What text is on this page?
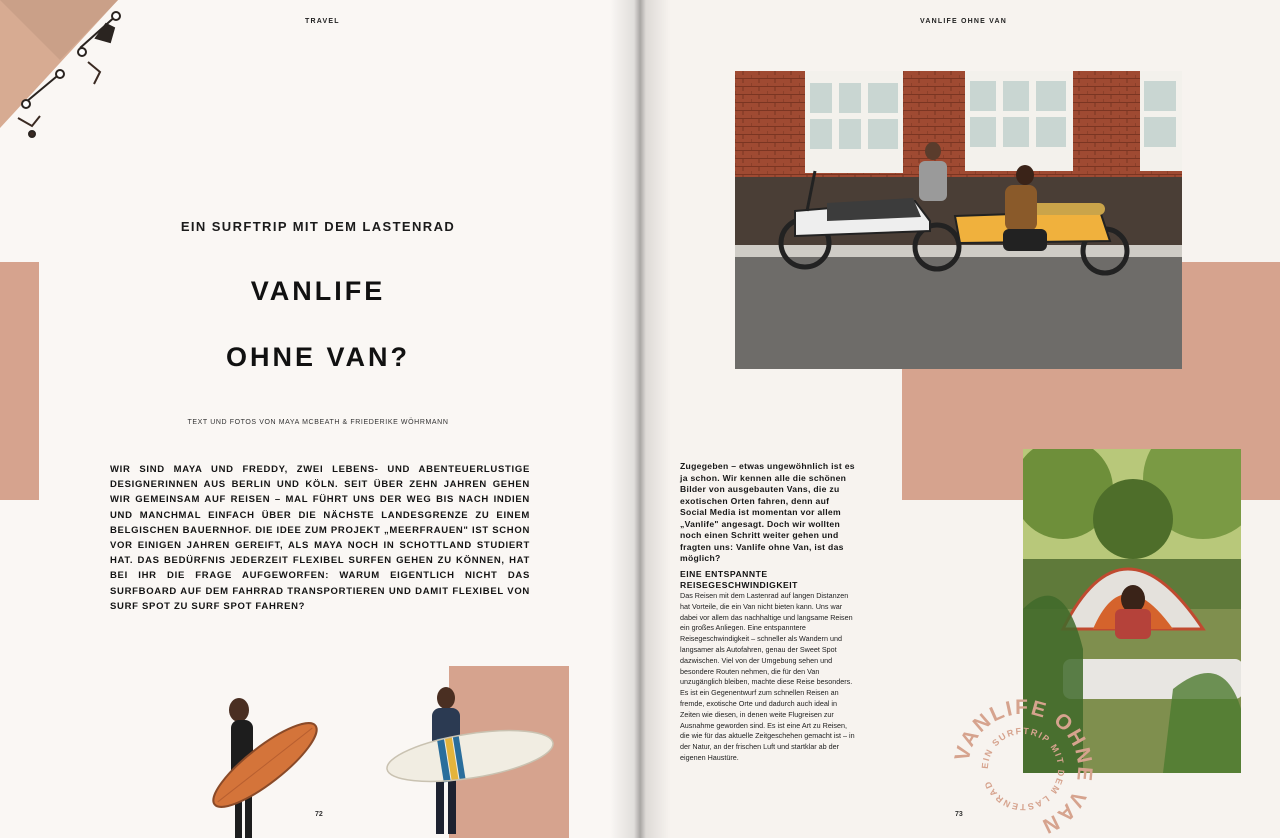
TRAVEL
EIN SURFTRIP MIT DEM LASTENRAD
VANLIFE
OHNE VAN?
TEXT UND FOTOS VON MAYA MCBEATH & FRIEDERIKE WÖHRMANN
WIR SIND MAYA UND FREDDY, ZWEI LEBENS- UND ABENTEUERLUSTIGE DESIGNERINNEN AUS BERLIN UND KÖLN. SEIT ÜBER ZEHN JAHREN GEHEN WIR GEMEINSAM AUF REISEN – MAL FÜHRT UNS DER WEG BIS NACH INDIEN UND MANCHMAL EINFACH ÜBER DIE NÄCHSTE LANDESGRENZE ZU EINEM BELGISCHEN BAUERNHOF. DIE IDEE ZUM PROJEKT „MEERFRAUEN" IST SCHON VOR EINIGEN JAHREN GEREIFT, ALS MAYA NOCH IN SCHOTTLAND STUDIERT HAT. DAS BEDÜRFNIS JEDERZEIT FLEXIBEL SURFEN GEHEN ZU KÖNNEN, HAT BEI IHR DIE FRAGE AUFGEWORFEN: WARUM EIGENTLICH NICHT DAS SURFBOARD AUF DEM FAHRRAD TRANSPORTIEREN UND DAMIT FLEXIBEL VON SURF SPOT ZU SURF SPOT FAHREN?
72
VANLIFE OHNE VAN
Zugegeben – etwas ungewöhnlich ist es ja schon. Wir kennen alle die schönen Bilder von ausgebauten Vans, die zu exotischen Orten fahren, denn auf Social Media ist momentan vor allem „Vanlife" angesagt. Doch wir wollten noch einen Schritt weiter gehen und fragten uns: Vanlife ohne Van, ist das möglich?
EINE ENTSPANNTE REISEGESCHWINDIGKEIT
Das Reisen mit dem Lastenrad auf langen Distanzen hat Vorteile, die ein Van nicht bieten kann. Uns war dabei vor allem das nachhaltige und langsame Reisen ein großes Anliegen. Eine entspanntere Reisegeschwindigkeit – schneller als Wandern und langsamer als Autofahren, genau der Sweet Spot dazwischen. Viel von der Umgebung sehen und besondere Routen nehmen, die für den Van unzugänglich bleiben, machte diese Reise besonders. Es ist ein Gegenentwurf zum schnellen Reisen an fremde, exotische Orte und dadurch auch ideal in Zeiten wie diesen, in denen weite Flugreisen zur Ausnahme geworden sind. Es ist eine Art zu Reisen, die wie für das aktuelle Zeitgeschehen gemacht ist – in der Natur, an der frischen Luft und startklar ab der eigenen Haustüre.	VANLIFE OHNE VAN
EIN SURFTRIP MIT DEM LASTENRAD
73
